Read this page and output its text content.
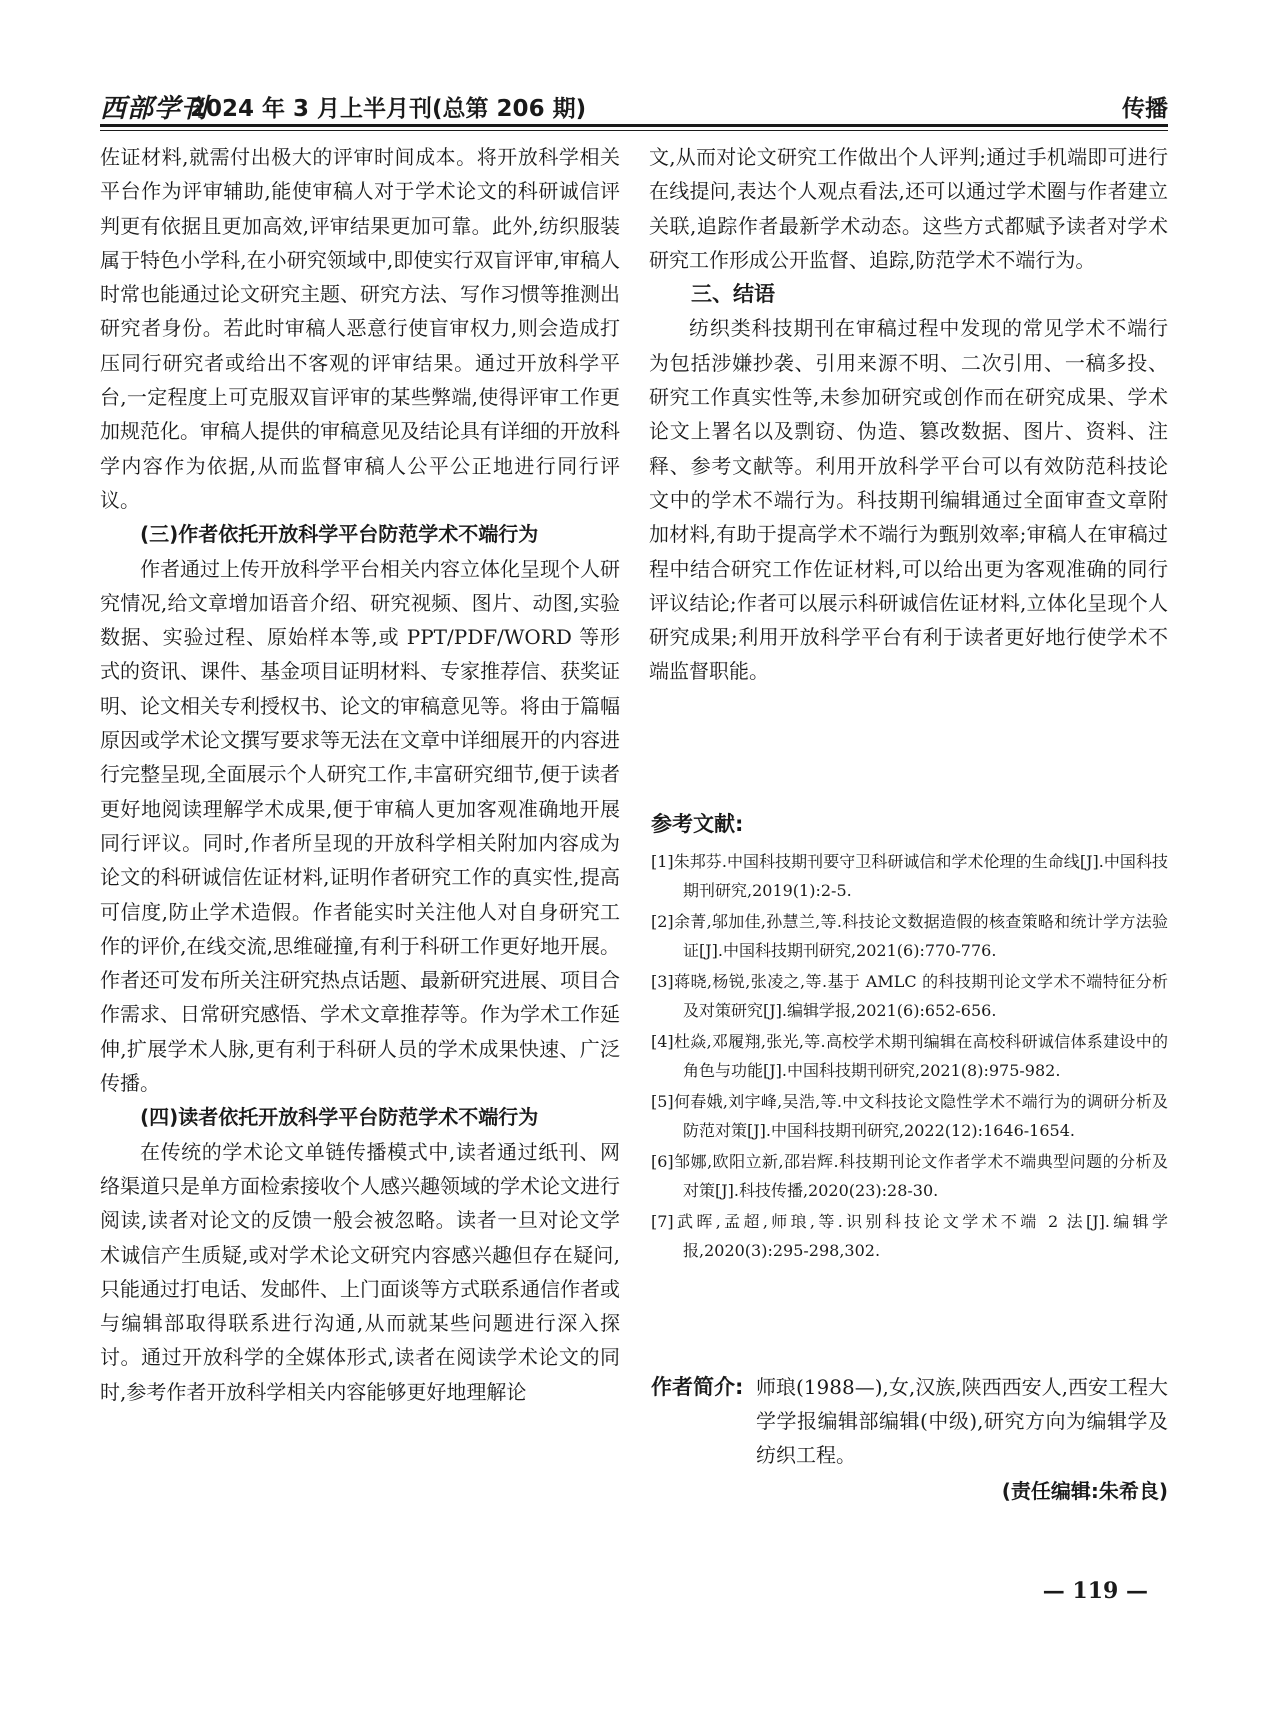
西部学刊
2024 年 3 月上半月刊(总第 206 期)	传播

佐证材料,就需付出极大的评审时间成本。将开放科学相关平台作为评审辅助,能使审稿人对于学术论文的科研诚信评判更有依据且更加高效,评审结果更加可靠。此外,纺织服装属于特色小学科,在小研究领域中,即使实行双盲评审,审稿人时常也能通过论文研究主题、研究方法、写作习惯等推测出研究者身份。若此时审稿人恶意行使盲审权力,则会造成打压同行研究者或给出不客观的评审结果。通过开放科学平台,一定程度上可克服双盲评审的某些弊端,使得评审工作更加规范化。审稿人提供的审稿意见及结论具有详细的开放科学内容作为依据,从而监督审稿人公平公正地进行同行评议。

(三)作者依托开放科学平台防范学术不端行为

作者通过上传开放科学平台相关内容立体化呈现个人研究情况,给文章增加语音介绍、研究视频、图片、动图,实验数据、实验过程、原始样本等,或 PPT/PDF/WORD 等形式的资讯、课件、基金项目证明材料、专家推荐信、获奖证明、论文相关专利授权书、论文的审稿意见等。将由于篇幅原因或学术论文撰写要求等无法在文章中详细展开的内容进行完整呈现,全面展示个人研究工作,丰富研究细节,便于读者更好地阅读理解学术成果,便于审稿人更加客观准确地开展同行评议。同时,作者所呈现的开放科学相关附加内容成为论文的科研诚信佐证材料,证明作者研究工作的真实性,提高可信度,防止学术造假。作者能实时关注他人对自身研究工作的评价,在线交流,思维碰撞,有利于科研工作更好地开展。作者还可发布所关注研究热点话题、最新研究进展、项目合作需求、日常研究感悟、学术文章推荐等。作为学术工作延伸,扩展学术人脉,更有利于科研人员的学术成果快速、广泛传播。

(四)读者依托开放科学平台防范学术不端行为

在传统的学术论文单链传播模式中,读者通过纸刊、网络渠道只是单方面检索接收个人感兴趣领域的学术论文进行阅读,读者对论文的反馈一般会被忽略。读者一旦对论文学术诚信产生质疑,或对学术论文研究内容感兴趣但存在疑问,只能通过打电话、发邮件、上门面谈等方式联系通信作者或与编辑部取得联系进行沟通,从而就某些问题进行深入探讨。通过开放科学的全媒体形式,读者在阅读学术论文的同时,参考作者开放科学相关内容能够更好地理解论

文,从而对论文研究工作做出个人评判;通过手机端即可进行在线提问,表达个人观点看法,还可以通过学术圈与作者建立关联,追踪作者最新学术动态。这些方式都赋予读者对学术研究工作形成公开监督、追踪,防范学术不端行为。

三、结语

纺织类科技期刊在审稿过程中发现的常见学术不端行为包括涉嫌抄袭、引用来源不明、二次引用、一稿多投、研究工作真实性等,未参加研究或创作而在研究成果、学术论文上署名以及剽窃、伪造、篡改数据、图片、资料、注释、参考文献等。利用开放科学平台可以有效防范科技论文中的学术不端行为。科技期刊编辑通过全面审查文章附加材料,有助于提高学术不端行为甄别效率;审稿人在审稿过程中结合研究工作佐证材料,可以给出更为客观准确的同行评议结论;作者可以展示科研诚信佐证材料,立体化呈现个人研究成果;利用开放科学平台有利于读者更好地行使学术不端监督职能。

参考文献:
[1]朱邦芬.中国科技期刊要守卫科研诚信和学术伦理的生命线[J].中国科技期刊研究,2019(1):2-5.
[2]余菁,邬加佳,孙慧兰,等.科技论文数据造假的核查策略和统计学方法验证[J].中国科技期刊研究,2021(6):770-776.
[3]蒋晓,杨锐,张凌之,等.基于 AMLC 的科技期刊论文学术不端特征分析及对策研究[J].编辑学报,2021(6):652-656.
[4]杜焱,邓履翔,张光,等.高校学术期刊编辑在高校科研诚信体系建设中的角色与功能[J].中国科技期刊研究,2021(8):975-982.
[5]何春娥,刘宇峰,吴浩,等.中文科技论文隐性学术不端行为的调研分析及防范对策[J].中国科技期刊研究,2022(12):1646-1654.
[6]邹娜,欧阳立新,邵岩辉.科技期刊论文作者学术不端典型问题的分析及对策[J].科技传播,2020(23):28-30.
[7]武晖,孟超,师琅,等.识别科技论文学术不端 2 法[J].编辑学报,2020(3):295-298,302.
作者简介: 师琅(1988—),女,汉族,陕西西安人,西安工程大学学报编辑部编辑(中级),研究方向为编辑学及纺织工程。
(责任编辑:朱希良)
— 119 —
